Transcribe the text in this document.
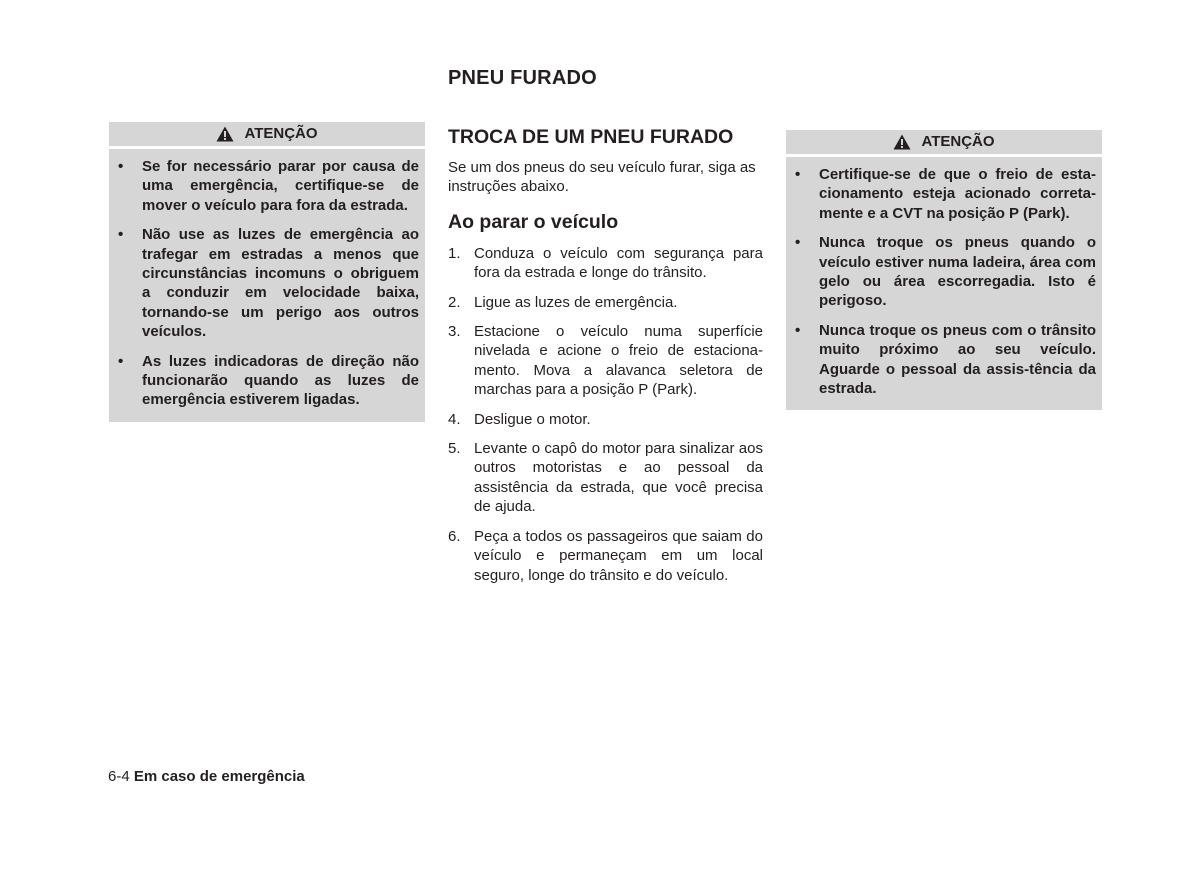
PNEU FURADO
ATENÇÃO
• Se for necessário parar por causa de uma emergência, certifique-se de mover o veículo para fora da estrada.
• Não use as luzes de emergência ao trafegar em estradas a menos que circunstâncias incomuns o obriguem a conduzir em velocidade baixa, tornando-se um perigo aos outros veículos.
• As luzes indicadoras de direção não funcionarão quando as luzes de emergência estiverem ligadas.
TROCA DE UM PNEU FURADO

Se um dos pneus do seu veículo furar, siga as instruções abaixo.

Ao parar o veículo
1. Conduza o veículo com segurança para fora da estrada e longe do trânsito.
2. Ligue as luzes de emergência.
3. Estacione o veículo numa superfície nivelada e acione o freio de estaciona-mento. Mova a alavanca seletora de marchas para a posição P (Park).
4. Desligue o motor.
5. Levante o capô do motor para sinalizar aos outros motoristas e ao pessoal da assistência da estrada, que você precisa de ajuda.
6. Peça a todos os passageiros que saiam do veículo e permaneçam em um local seguro, longe do trânsito e do veículo.
ATENÇÃO
• Certifique-se de que o freio de esta-cionamento esteja acionado correta-mente e a CVT na posição P (Park).
• Nunca troque os pneus quando o veículo estiver numa ladeira, área com gelo ou área escorregadia. Isto é perigoso.
• Nunca troque os pneus com o trânsito muito próximo ao seu veículo. Aguarde o pessoal da assis-tência da estrada.
6-4 Em caso de emergência
